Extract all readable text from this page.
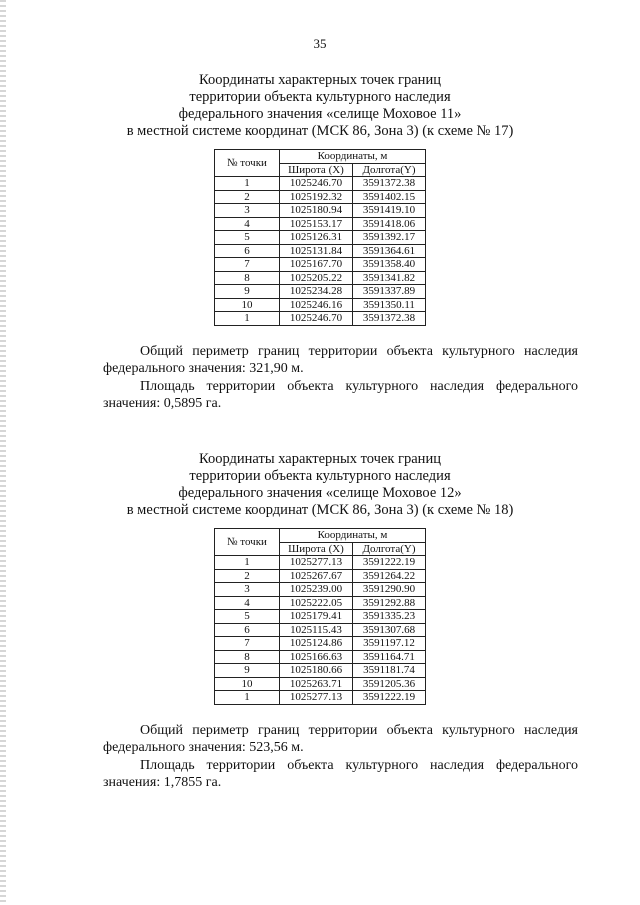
35
Координаты характерных точек границ
территории объекта культурного наследия
федерального значения «селище Моховое 11»
в местной системе координат (МСК 86, Зона 3) (к схеме № 17)
№ точки	Координаты, м	
	Широта (X)	Долгота(Y)
1	1025246.70	3591372.38
2	1025192.32	3591402.15
3	1025180.94	3591419.10
4	1025153.17	3591418.06
5	1025126.31	3591392.17
6	1025131.84	3591364.61
7	1025167.70	3591358.40
8	1025205.22	3591341.82
9	1025234.28	3591337.89
10	1025246.16	3591350.11
1	1025246.70	3591372.38

Общий периметр границ территории объекта культурного наследия федерального значения: 321,90 м.

Площадь территории объекта культурного наследия федерального значения: 0,5895 га.

Координаты характерных точек границ
территории объекта культурного наследия
федерального значения «селище Моховое 12»
в местной системе координат (МСК 86, Зона 3) (к схеме № 18)
№ точки	Координаты, м	
	Широта (X)	Долгота(Y)
1	1025277.13	3591222.19
2	1025267.67	3591264.22
3	1025239.00	3591290.90
4	1025222.05	3591292.88
5	1025179.41	3591335.23
6	1025115.43	3591307.68
7	1025124.86	3591197.12
8	1025166.63	3591164.71
9	1025180.66	3591181.74
10	1025263.71	3591205.36
1	1025277.13	3591222.19

Общий периметр границ территории объекта культурного наследия федерального значения: 523,56 м.

Площадь территории объекта культурного наследия федерального значения: 1,7855 га.
